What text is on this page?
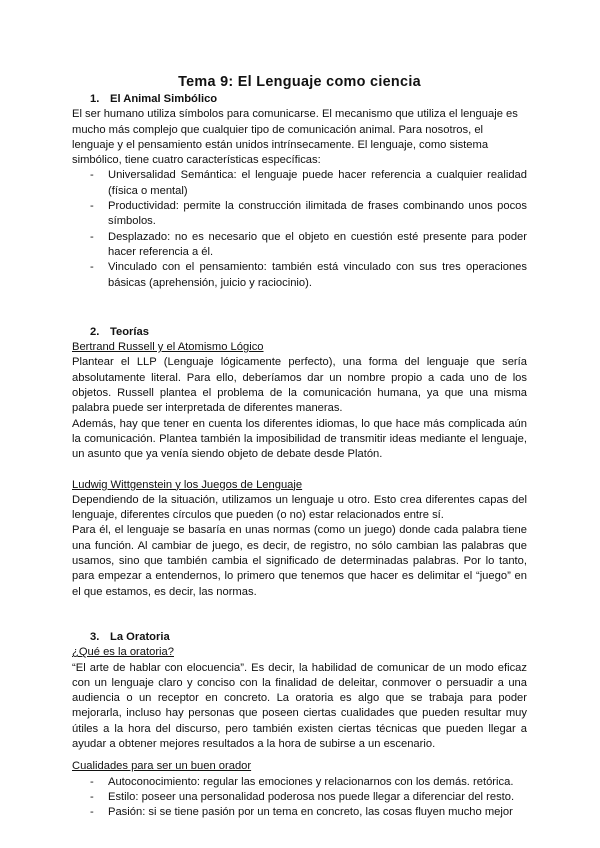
Tema 9: El Lenguaje como ciencia
1. El Animal Simbólico

El ser humano utiliza símbolos para comunicarse. El mecanismo que utiliza el lenguaje es mucho más complejo que cualquier tipo de comunicación animal. Para nosotros, el lenguaje y el pensamiento están unidos intrínsecamente. El lenguaje, como sistema simbólico, tiene cuatro características específicas:

- Universalidad Semántica: el lenguaje puede hacer referencia a cualquier realidad (física o mental)
- Productividad: permite la construcción ilimitada de frases combinando unos pocos símbolos.
- Desplazado: no es necesario que el objeto en cuestión esté presente para poder hacer referencia a él.
- Vinculado con el pensamiento: también está vinculado con sus tres operaciones básicas (aprehensión, juicio y raciocinio).
2. Teorías
Bertrand Russell y el Atomismo Lógico

Plantear el LLP (Lenguaje lógicamente perfecto), una forma del lenguaje que sería absolutamente literal. Para ello, deberíamos dar un nombre propio a cada uno de los objetos. Russell plantea el problema de la comunicación humana, ya que una misma palabra puede ser interpretada de diferentes maneras.

Además, hay que tener en cuenta los diferentes idiomas, lo que hace más complicada aún la comunicación. Plantea también la imposibilidad de transmitir ideas mediante el lenguaje, un asunto que ya venía siendo objeto de debate desde Platón.

Ludwig Wittgenstein y los Juegos de Lenguaje

Dependiendo de la situación, utilizamos un lenguaje u otro. Esto crea diferentes capas del lenguaje, diferentes círculos que pueden (o no) estar relacionados entre sí.

Para él, el lenguaje se basaría en unas normas (como un juego) donde cada palabra tiene una función. Al cambiar de juego, es decir, de registro, no sólo cambian las palabras que usamos, sino que también cambia el significado de determinadas palabras. Por lo tanto, para empezar a entendernos, lo primero que tenemos que hacer es delimitar el “juego” en el que estamos, es decir, las normas.

3. La Oratoria
¿Qué es la oratoria?

“El arte de hablar con elocuencia”. Es decir, la habilidad de comunicar de un modo eficaz con un lenguaje claro y conciso con la finalidad de deleitar, conmover o persuadir a una audiencia o un receptor en concreto. La oratoria es algo que se trabaja para poder mejorarla, incluso hay personas que poseen ciertas cualidades que pueden resultar muy útiles a la hora del discurso, pero también existen ciertas técnicas que pueden llegar a ayudar a obtener mejores resultados a la hora de subirse a un escenario.

Cualidades para ser un buen orador
- Autoconocimiento: regular las emociones y relacionarnos con los demás. retórica.
- Estilo: poseer una personalidad poderosa nos puede llegar a diferenciar del resto.
- Pasión: si se tiene pasión por un tema en concreto, las cosas fluyen mucho mejor
